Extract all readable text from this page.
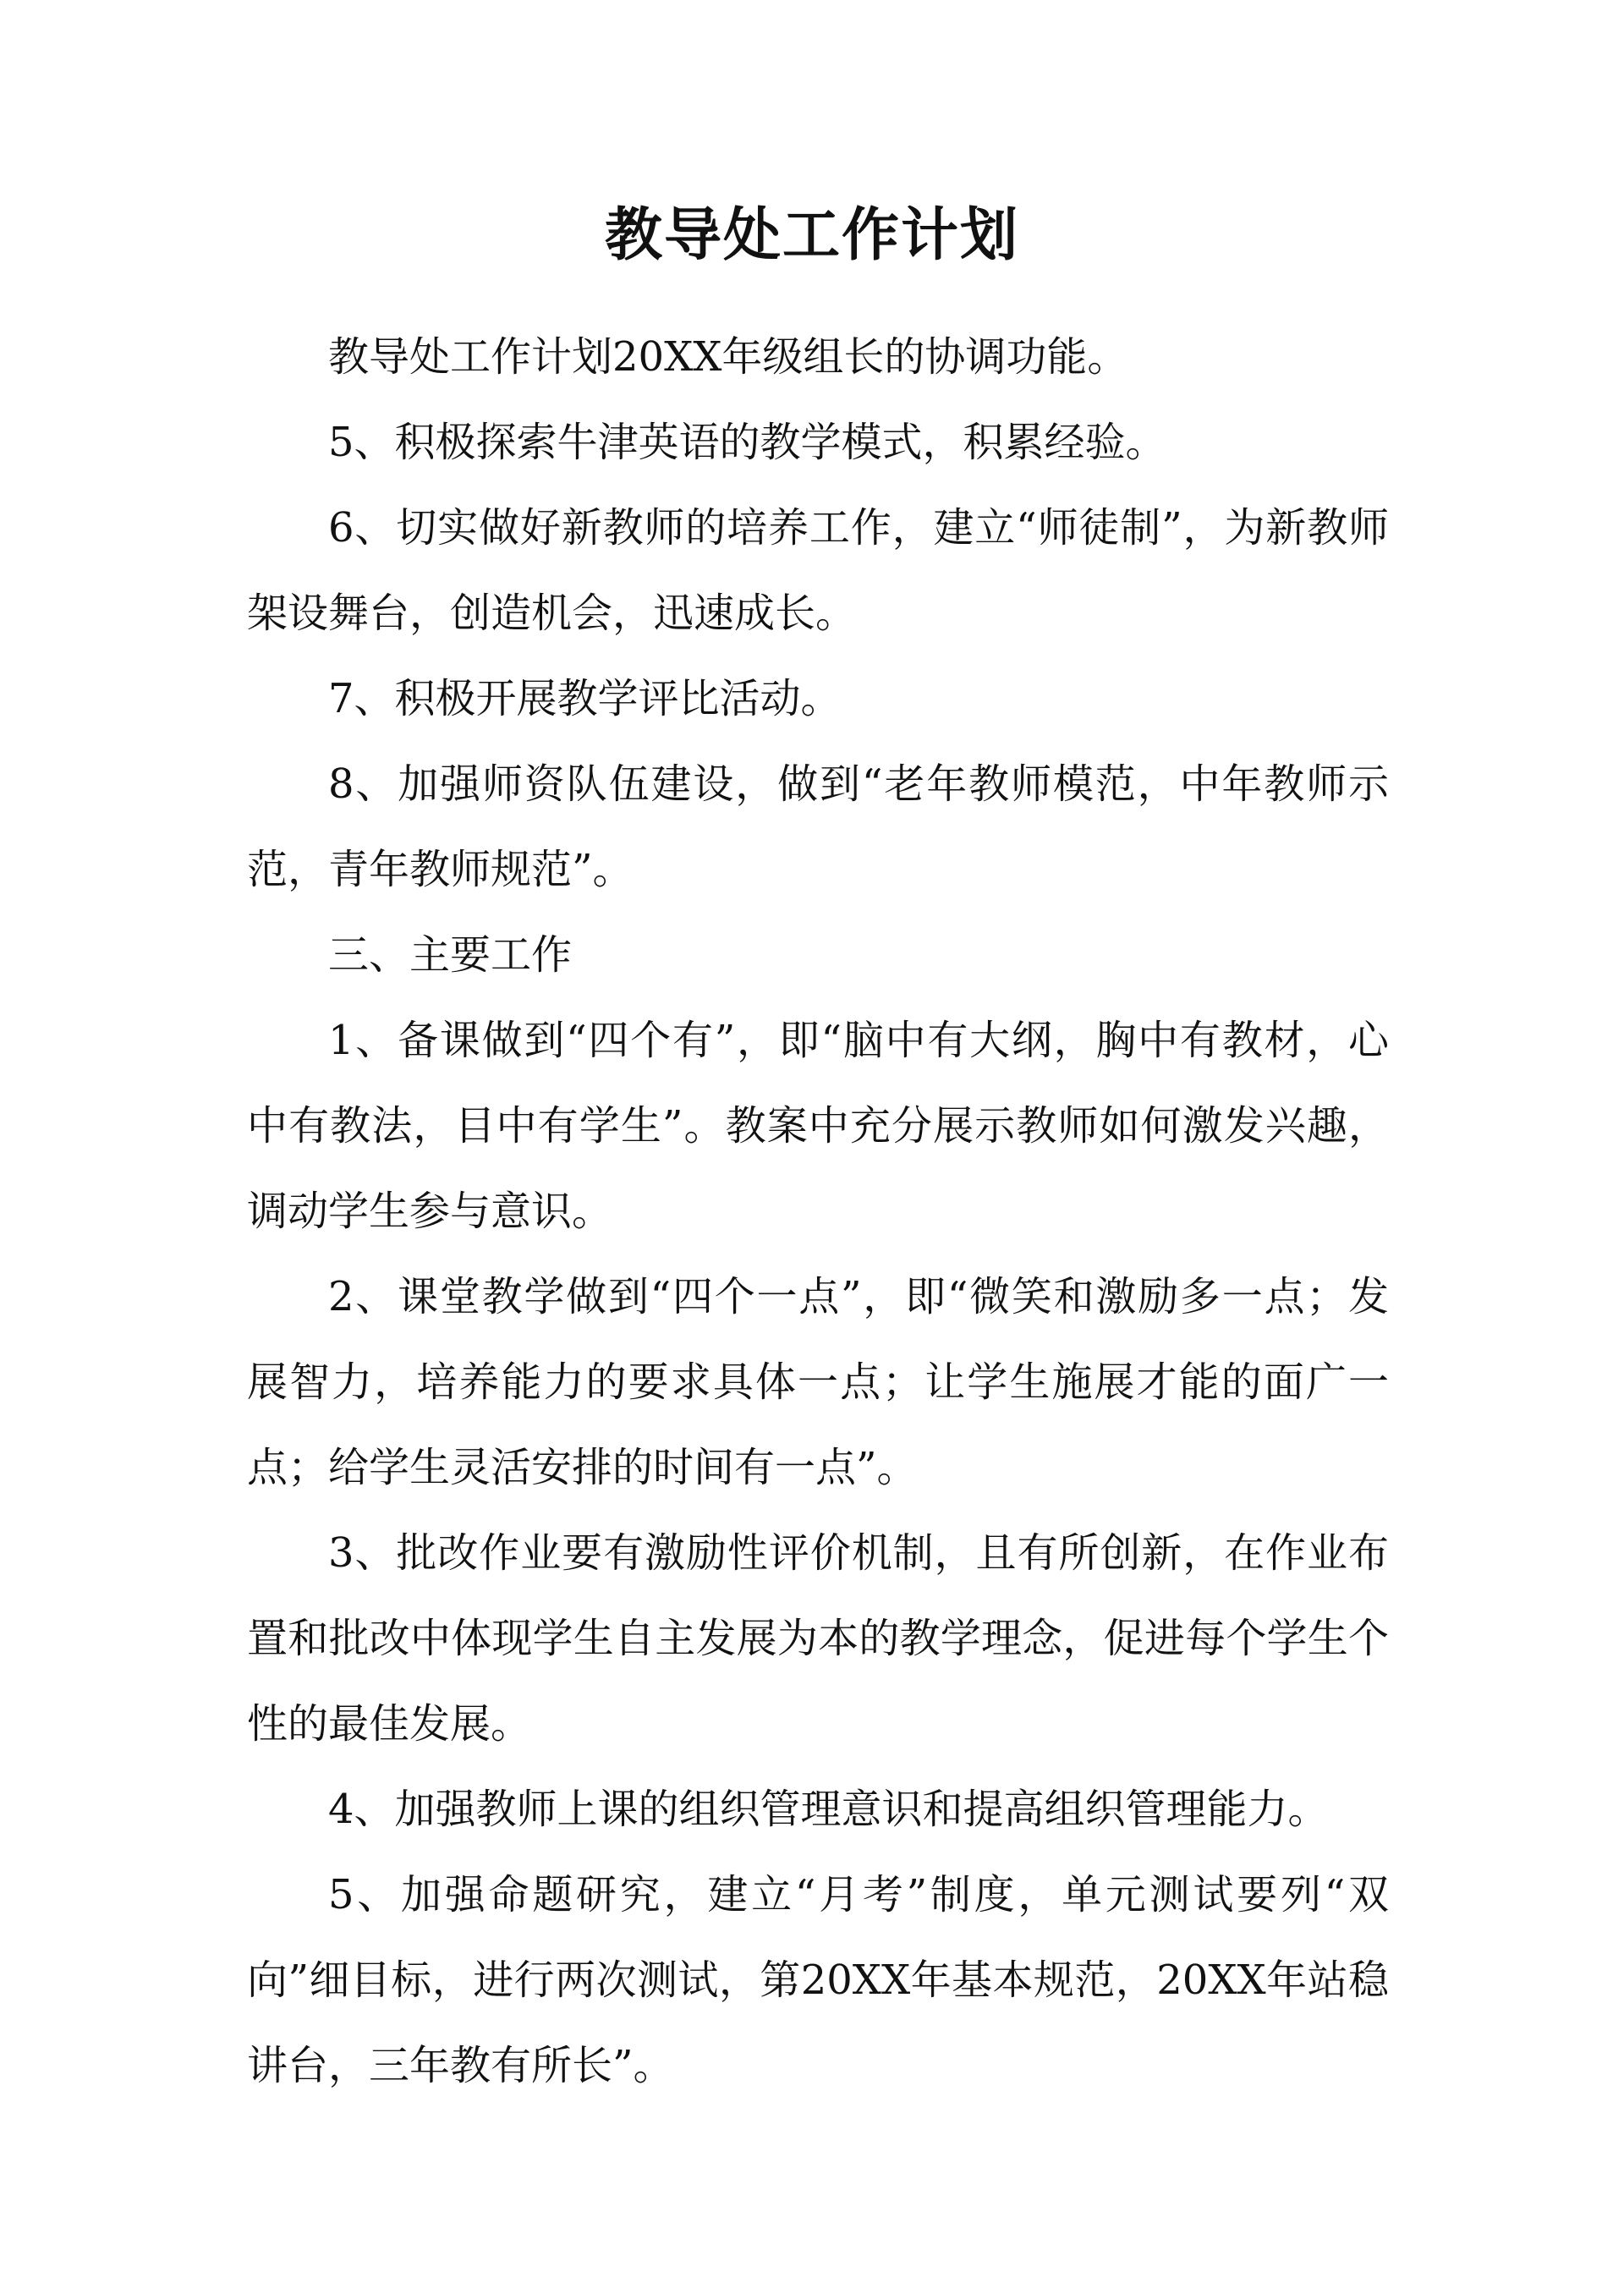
教导处工作计划

教导处工作计划20XX年级组长的协调功能。

5、积极探索牛津英语的教学模式，积累经验。

6、切实做好新教师的培养工作，建立“师徒制”，为新教师架设舞台，创造机会，迅速成长。

7、积极开展教学评比活动。

8、加强师资队伍建设，做到“老年教师模范，中年教师示范，青年教师规范”。

三、主要工作

1、备课做到“四个有”，即“脑中有大纲，胸中有教材，心中有教法，目中有学生”。教案中充分展示教师如何激发兴趣，调动学生参与意识。

2、课堂教学做到“四个一点”，即“微笑和激励多一点；发展智力，培养能力的要求具体一点；让学生施展才能的面广一点；给学生灵活安排的时间有一点”。

3、批改作业要有激励性评价机制，且有所创新，在作业布置和批改中体现学生自主发展为本的教学理念，促进每个学生个性的最佳发展。

4、加强教师上课的组织管理意识和提高组织管理能力。

5、加强命题研究，建立“月考”制度，单元测试要列“双向”细目标，进行两次测试，第20XX年基本规范，20XX年站稳讲台，三年教有所长”。
